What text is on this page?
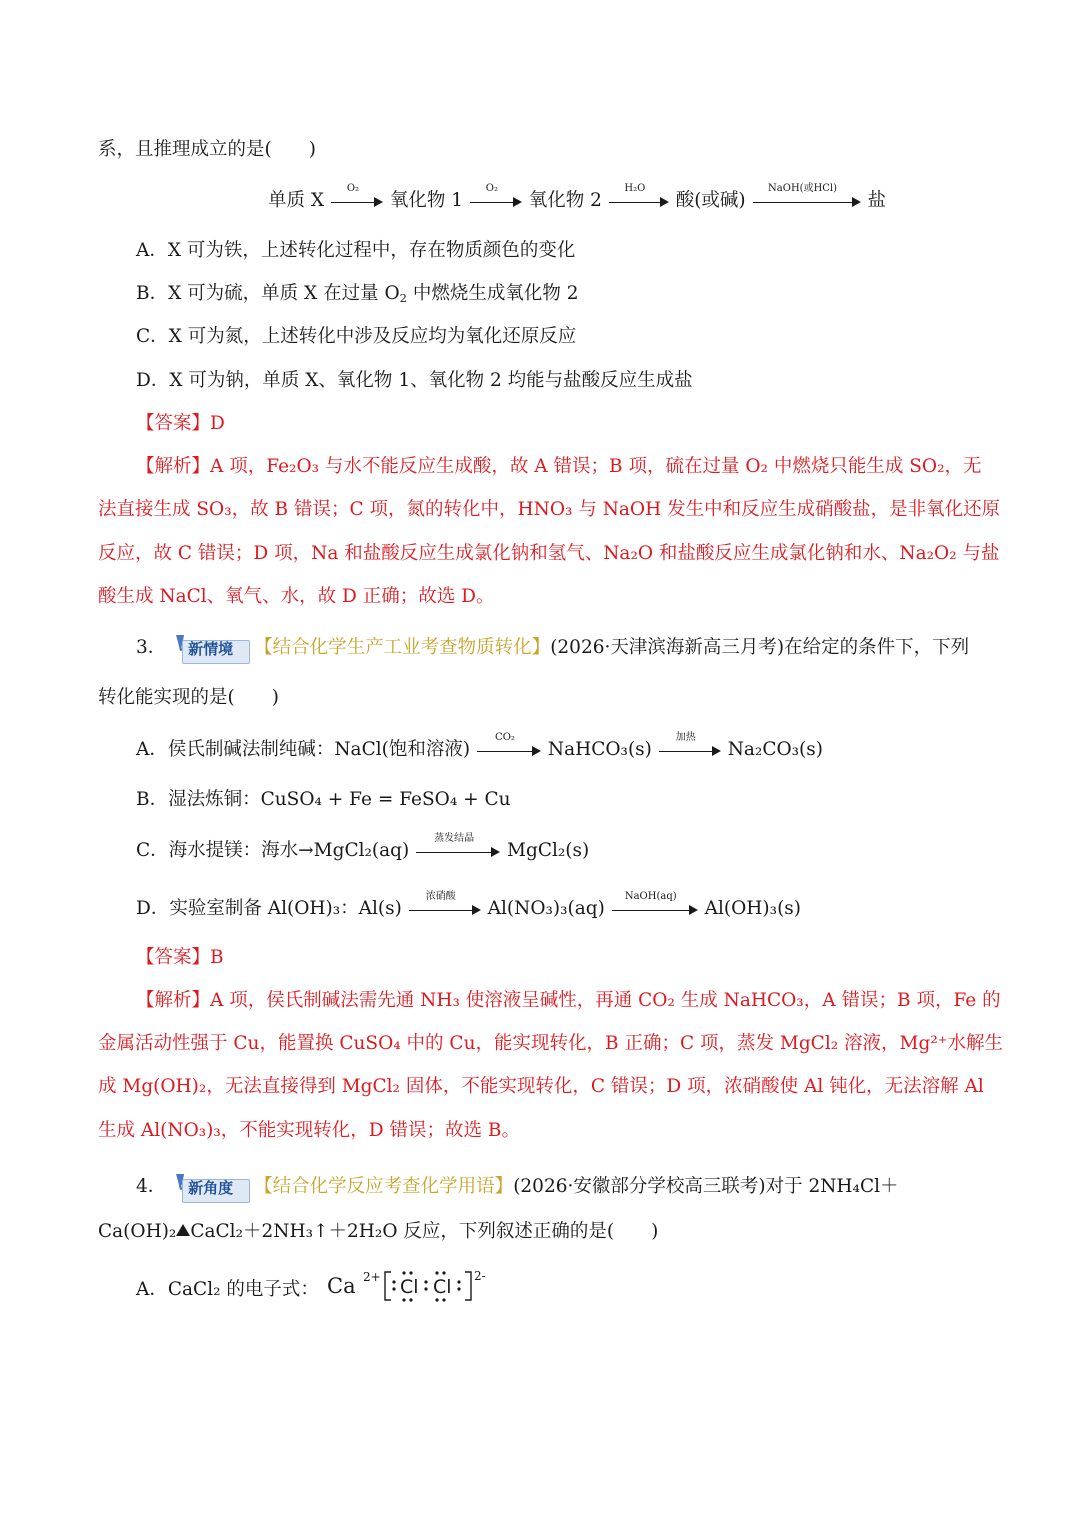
系，且推理成立的是(　　)
单质 X
O₂
氧化物 1
O₂
氧化物 2
H₂O
酸(或碱)
NaOH(或HCl)
盐
A．X 可为铁，上述转化过程中，存在物质颜色的变化
B．X 可为硫，单质 X 在过量 $O_2$ 中燃烧生成氧化物 2
C．X 可为氮，上述转化中涉及反应均为氧化还原反应
D．X 可为钠，单质 X、氧化物 1、氧化物 2 均能与盐酸反应生成盐
【答案】D
【解析】A 项，Fe₂O₃ 与水不能反应生成酸，故 A 错误；B 项，硫在过量 O₂ 中燃烧只能生成 SO₂，无
法直接生成 SO₃，故 B 错误；C 项，氮的转化中，HNO₃ 与 NaOH 发生中和反应生成硝酸盐，是非氧化还原
反应，故 C 错误；D 项，Na 和盐酸反应生成氯化钠和氢气、Na₂O 和盐酸反应生成氯化钠和水、Na₂O₂ 与盐
酸生成 NaCl、氧气、水，故 D 正确；故选 D。
3． 新情境 【结合化学生产工业考查物质转化】(2026·天津滨海新高三月考)在给定的条件下，下列
转化能实现的是(　　)
A．侯氏制碱法制纯碱：NaCl(饱和溶液)
CO₂
NaHCO₃(s)
加热
Na₂CO₃(s)
B．湿法炼铜：CuSO₄ + Fe = FeSO₄ + Cu
C．海水提镁：海水→MgCl₂(aq)
蒸发结晶
MgCl₂(s)
D．实验室制备 Al(OH)₃：Al(s)
浓硝酸
Al(NO₃)₃(aq)
NaOH(aq)
Al(OH)₃(s)
【答案】B
【解析】A 项，侯氏制碱法需先通 NH₃ 使溶液呈碱性，再通 CO₂ 生成 NaHCO₃，A 错误；B 项，Fe 的
金属活动性强于 Cu，能置换 CuSO₄ 中的 Cu，能实现转化，B 正确；C 项，蒸发 MgCl₂ 溶液，Mg²⁺水解生
成 Mg(OH)₂，无法直接得到 MgCl₂ 固体，不能实现转化，C 错误；D 项，浓硝酸使 Al 钝化，无法溶解 Al
生成 Al(NO₃)₃，不能实现转化，D 错误；故选 B。
4． 新角度 【结合化学反应考查化学用语】(2026·安徽部分学校高三联考)对于 2NH₄Cl＋
Ca(OH)₂ CaCl₂＋2NH₃↑＋2H₂O 反应，下列叙述正确的是(　　)
A．CaCl₂ 的电子式： Ca 2+ Cl Cl 2-
